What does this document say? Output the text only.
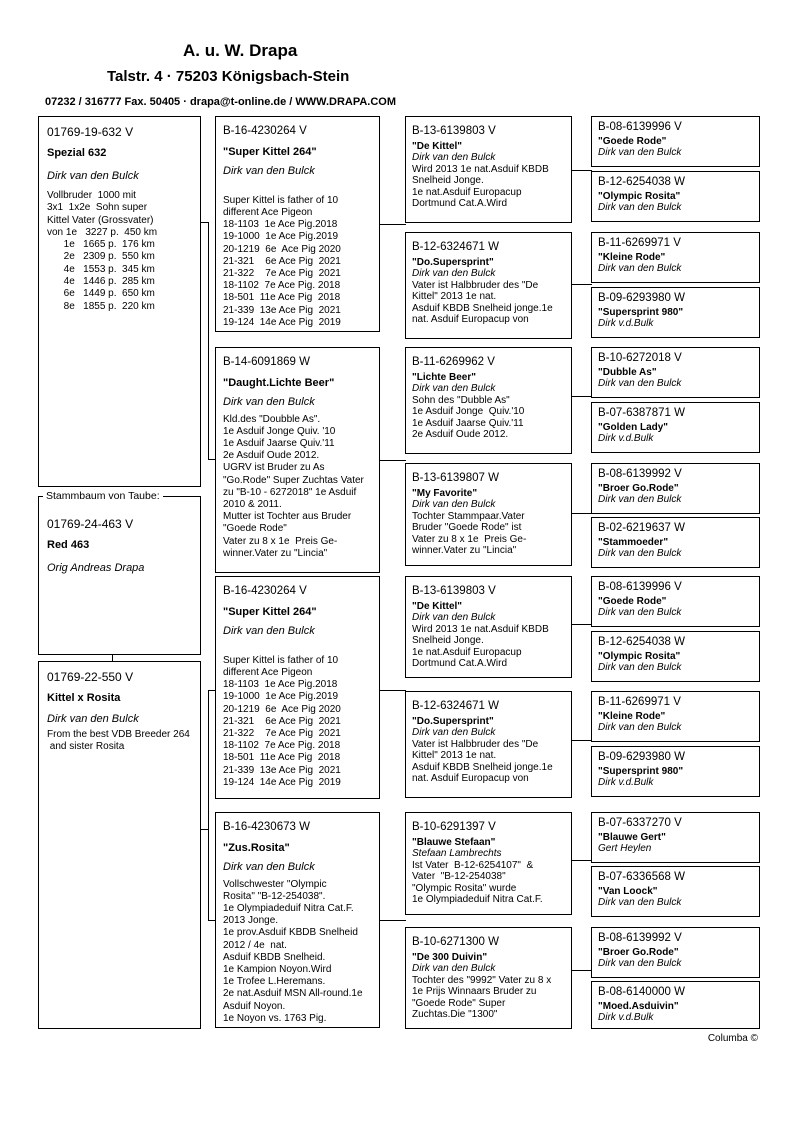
A. u. W. Drapa
Talstr. 4 · 75203 Königsbach-Stein
07232 / 316777 Fax. 50405 · drapa@t-online.de / WWW.DRAPA.COM
01769-19-632 V
Spezial 632
Dirk van den Bulck
Vollbruder  1000 mit
3x1  1x2e  Sohn super
Kittel Vater (Grossvater)
von 1e   3227 p.  450 km
1e   1665 p.  176 km
2e   2309 p.  550 km
4e   1553 p.  345 km
4e   1446 p.  285 km
6e   1449 p.  650 km
8e   1855 p.  220 km
01769-24-463 V
Red 463
Orig Andreas Drapa
Stammbaum von Taube:
01769-22-550 V
Kittel x Rosita
Dirk van den Bulck
From the best VDB Breeder 264
and sister Rosita
B-16-4230264 V
"Super Kittel 264"
Dirk van den Bulck

Super Kittel is father of 10
different Ace Pigeon
18-1103  1e Ace Pig.2018
19-1000  1e Ace Pig.2019
20-1219  6e  Ace Pig 2020
21-321    6e Ace Pig  2021
21-322    7e Ace Pig  2021
18-1102  7e Ace Pig. 2018
18-501  11e Ace Pig  2018
21-339  13e Ace Pig  2021
19-124  14e Ace Pig  2019
B-14-6091869 W
"Daught.Lichte Beer"
Dirk van den Bulck
Kld.des "Doubble As".
1e Asduif Jonge Quiv. '10
1e Asduif Jaarse Quiv.'11
2e Asduif Oude 2012.
UGRV ist Bruder zu As
"Go.Rode" Super Zuchtas Vater
zu "B-10 - 6272018" 1e Asduif
2010 & 2011.
Mutter ist Tochter aus Bruder
"Goede Rode"
Vater zu 8 x 1e  Preis Ge-
winner.Vater zu "Lincia"
B-16-4230264 V
"Super Kittel 264"
Dirk van den Bulck

Super Kittel is father of 10
different Ace Pigeon
18-1103  1e Ace Pig.2018
19-1000  1e Ace Pig.2019
20-1219  6e  Ace Pig 2020
21-321    6e Ace Pig  2021
21-322    7e Ace Pig  2021
18-1102  7e Ace Pig. 2018
18-501  11e Ace Pig  2018
21-339  13e Ace Pig  2021
19-124  14e Ace Pig  2019
B-16-4230673 W
"Zus.Rosita"
Dirk van den Bulck
Vollschwester "Olympic
Rosita" "B-12-254038".
1e Olympiadeduif Nitra Cat.F.
2013 Jonge.
1e prov.Asduif KBDB Snelheid
2012 / 4e  nat.
Asduif KBDB Snelheid.
1e Kampion Noyon.Wird
1e Trofee L.Heremans.
2e nat.Asduif MSN All-round.1e
Asduif Noyon.
1e Noyon vs. 1763 Pig.
B-13-6139803 V
"De Kittel"
Dirk van den Bulck
Wird 2013 1e nat.Asduif KBDB
Snelheid Jonge.
1e nat.Asduif Europacup
Dortmund Cat.A.Wird
B-12-6324671 W
"Do.Supersprint"
Dirk van den Bulck
Vater ist Halbbruder des "De
Kittel" 2013 1e nat.
Asduif KBDB Snelheid jonge.1e
nat. Asduif Europacup von
B-11-6269962 V
"Lichte Beer"
Dirk van den Bulck
Sohn des "Dubble As"
1e Asduif Jonge  Quiv.'10
1e Asduif Jaarse Quiv.'11
2e Asduif Oude 2012.
B-13-6139807 W
"My Favorite"
Dirk van den Bulck
Tochter Stammpaar.Vater
Bruder "Goede Rode" ist
Vater zu 8 x 1e  Preis Ge-
winner.Vater zu "Lincia"
B-13-6139803 V
"De Kittel"
Dirk van den Bulck
Wird 2013 1e nat.Asduif KBDB
Snelheid Jonge.
1e nat.Asduif Europacup
Dortmund Cat.A.Wird
B-12-6324671 W
"Do.Supersprint"
Dirk van den Bulck
Vater ist Halbbruder des "De
Kittel" 2013 1e nat.
Asduif KBDB Snelheid jonge.1e
nat. Asduif Europacup von
B-10-6291397 V
"Blauwe Stefaan"
Stefaan Lambrechts
Ist Vater  B-12-6254107"  &
Vater  "B-12-254038"
"Olympic Rosita" wurde
1e Olympiadeduif Nitra Cat.F.
B-10-6271300 W
"De 300 Duivin"
Dirk van den Bulck
Tochter des "9992" Vater zu 8 x
1e Prijs Winnaars Bruder zu
"Goede Rode" Super
Zuchtas.Die "1300"
B-08-6139996 V
"Goede Rode"
Dirk van den Bulck
B-12-6254038 W
"Olympic Rosita"
Dirk van den Bulck
B-11-6269971 V
"Kleine Rode"
Dirk van den Bulck
B-09-6293980 W
"Supersprint 980"
Dirk v.d.Bulk
B-10-6272018 V
"Dubble As"
Dirk van den Bulck
B-07-6387871 W
"Golden Lady"
Dirk v.d.Bulk
B-08-6139992 V
"Broer Go.Rode"
Dirk van den Bulck
B-02-6219637 W
"Stammoeder"
Dirk van den Bulck
B-08-6139996 V
"Goede Rode"
Dirk van den Bulck
B-12-6254038 W
"Olympic Rosita"
Dirk van den Bulck
B-11-6269971 V
"Kleine Rode"
Dirk van den Bulck
B-09-6293980 W
"Supersprint 980"
Dirk v.d.Bulk
B-07-6337270 V
"Blauwe Gert"
Gert Heylen
B-07-6336568 W
"Van Loock"
Dirk van den Bulck
B-08-6139992 V
"Broer Go.Rode"
Dirk van den Bulck
B-08-6140000 W
"Moed.Asduivin"
Dirk v.d.Bulk
Columba ©
